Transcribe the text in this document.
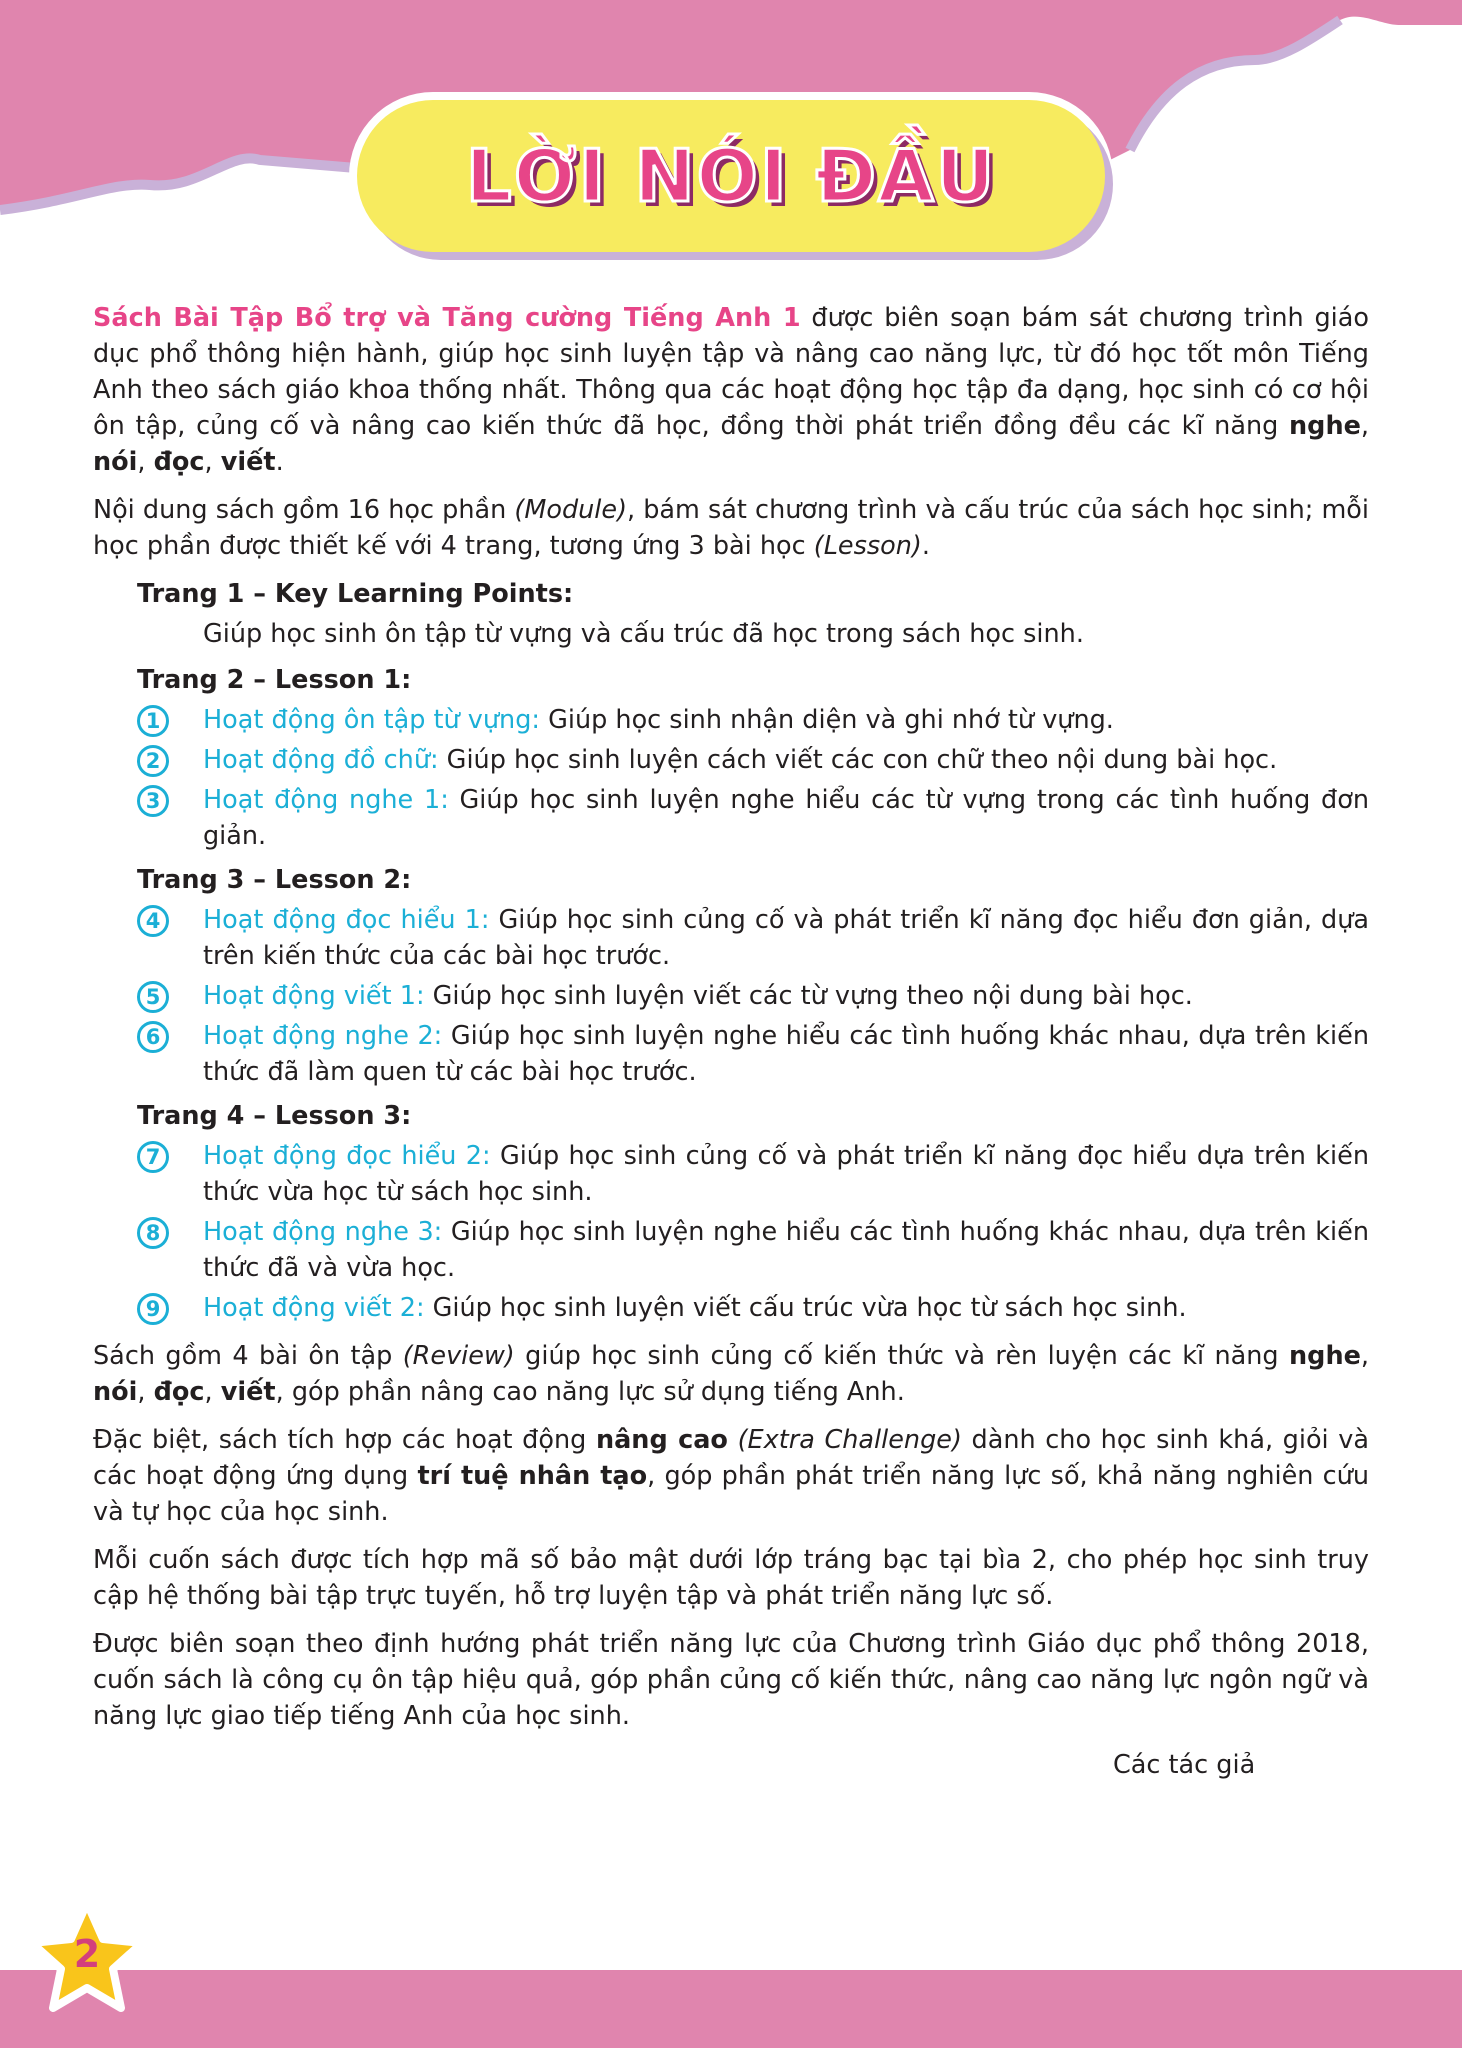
LỜI NÓI ĐẦU

Sách Bài Tập Bổ trợ và Tăng cường Tiếng Anh 1 được biên soạn bám sát chương trình giáo dục phổ thông hiện hành, giúp học sinh luyện tập và nâng cao năng lực, từ đó học tốt môn Tiếng Anh theo sách giáo khoa thống nhất. Thông qua các hoạt động học tập đa dạng, học sinh có cơ hội ôn tập, củng cố và nâng cao kiến thức đã học, đồng thời phát triển đồng đều các kĩ năng nghe, nói, đọc, viết.

Nội dung sách gồm 16 học phần (Module), bám sát chương trình và cấu trúc của sách học sinh; mỗi học phần được thiết kế với 4 trang, tương ứng 3 bài học (Lesson).

Trang 1 – Key Learning Points:
Giúp học sinh ôn tập từ vựng và cấu trúc đã học trong sách học sinh.
Trang 2 – Lesson 1:
1	Hoạt động ôn tập từ vựng: Giúp học sinh nhận diện và ghi nhớ từ vựng.
2	Hoạt động đồ chữ: Giúp học sinh luyện cách viết các con chữ theo nội dung bài học.
3	Hoạt động nghe 1: Giúp học sinh luyện nghe hiểu các từ vựng trong các tình huống đơn giản.
Trang 3 – Lesson 2:
4	Hoạt động đọc hiểu 1: Giúp học sinh củng cố và phát triển kĩ năng đọc hiểu đơn giản, dựa trên kiến thức của các bài học trước.
5	Hoạt động viết 1: Giúp học sinh luyện viết các từ vựng theo nội dung bài học.
6	Hoạt động nghe 2: Giúp học sinh luyện nghe hiểu các tình huống khác nhau, dựa trên kiến thức đã làm quen từ các bài học trước.
Trang 4 – Lesson 3:
7	Hoạt động đọc hiểu 2: Giúp học sinh củng cố và phát triển kĩ năng đọc hiểu dựa trên kiến thức vừa học từ sách học sinh.
8	Hoạt động nghe 3: Giúp học sinh luyện nghe hiểu các tình huống khác nhau, dựa trên kiến thức đã và vừa học.
9	Hoạt động viết 2: Giúp học sinh luyện viết cấu trúc vừa học từ sách học sinh.

Sách gồm 4 bài ôn tập (Review) giúp học sinh củng cố kiến thức và rèn luyện các kĩ năng nghe, nói, đọc, viết, góp phần nâng cao năng lực sử dụng tiếng Anh.

Đặc biệt, sách tích hợp các hoạt động nâng cao (Extra Challenge) dành cho học sinh khá, giỏi và các hoạt động ứng dụng trí tuệ nhân tạo, góp phần phát triển năng lực số, khả năng nghiên cứu và tự học của học sinh.

Mỗi cuốn sách được tích hợp mã số bảo mật dưới lớp tráng bạc tại bìa 2, cho phép học sinh truy cập hệ thống bài tập trực tuyến, hỗ trợ luyện tập và phát triển năng lực số.

Được biên soạn theo định hướng phát triển năng lực của Chương trình Giáo dục phổ thông 2018, cuốn sách là công cụ ôn tập hiệu quả, góp phần củng cố kiến thức, nâng cao năng lực ngôn ngữ và năng lực giao tiếp tiếng Anh của học sinh.

Các tác giả
2
